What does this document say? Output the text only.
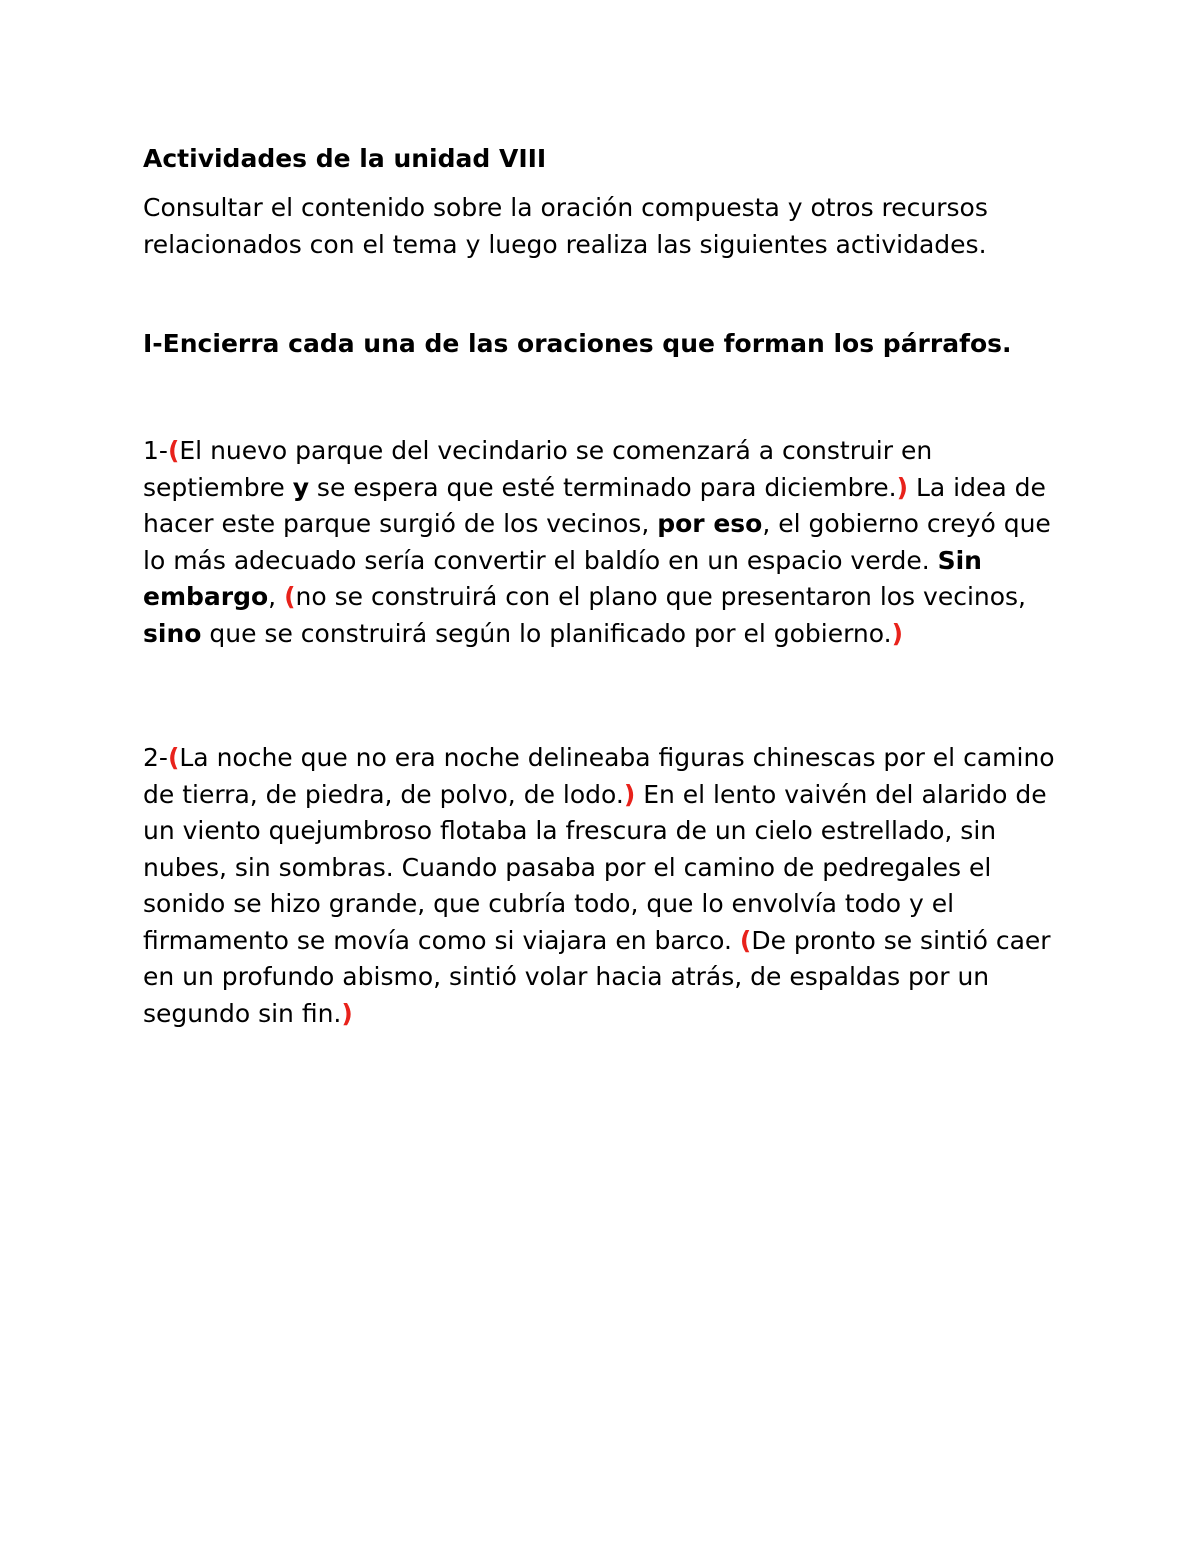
Actividades de la unidad VIII

Consultar el contenido sobre la oración compuesta y otros recursos relacionados con el tema y luego realiza las siguientes actividades.

I-Encierra cada una de las oraciones que forman los párrafos.

1-(El nuevo parque del vecindario se comenzará a construir en septiembre y se espera que esté terminado para diciembre.) La idea de hacer este parque surgió de los vecinos, por eso, el gobierno creyó que lo más adecuado sería convertir el baldío en un espacio verde. Sin embargo, (no se construirá con el plano que presentaron los vecinos, sino que se construirá según lo planificado por el gobierno.)

2-(La noche que no era noche delineaba figuras chinescas por el camino de tierra, de piedra, de polvo, de lodo.) En el lento vaivén del alarido de un viento quejumbroso flotaba la frescura de un cielo estrellado, sin nubes, sin sombras. Cuando pasaba por el camino de pedregales el sonido se hizo grande, que cubría todo, que lo envolvía todo y el firmamento se movía como si viajara en barco. (De pronto se sintió caer en un profundo abismo, sintió volar hacia atrás, de espaldas por un segundo sin fin.)
